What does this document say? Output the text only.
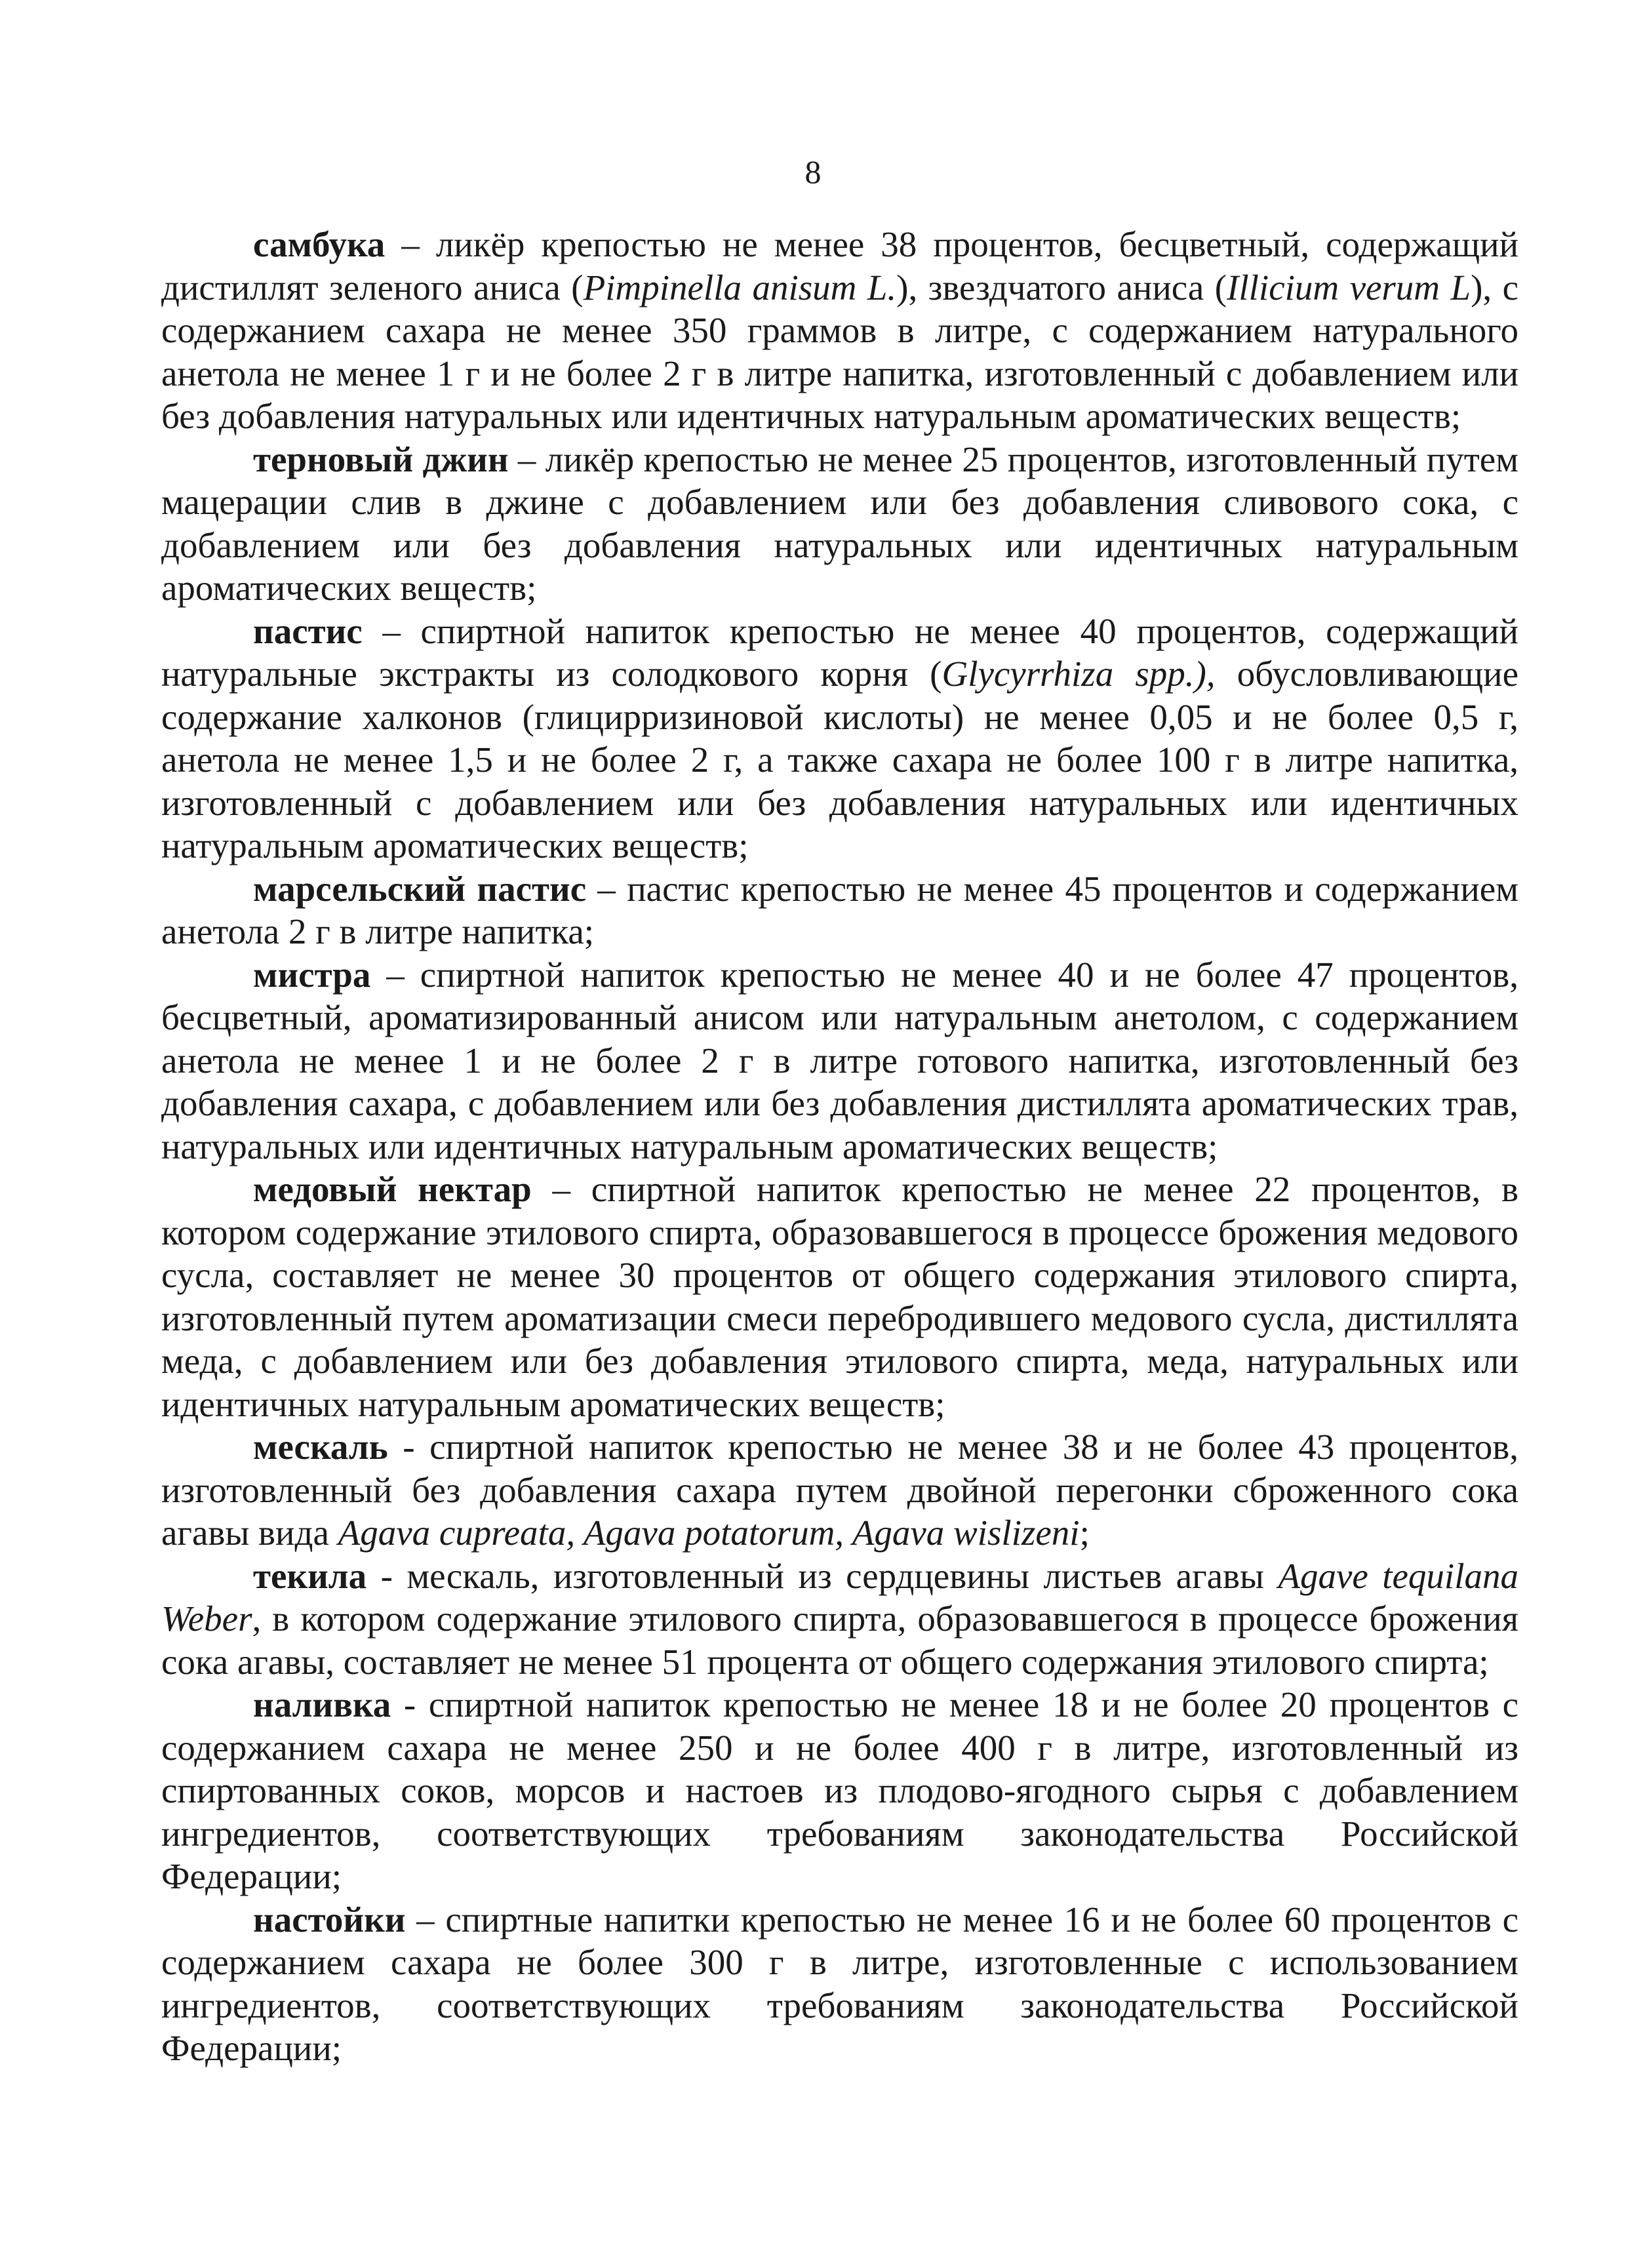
8

самбука – ликёр крепостью не менее 38 процентов, бесцветный, содержащий дистиллят зеленого аниса (Pimpinella anisum L.), звездчатого аниса (Illicium verum L), с содержанием сахара не менее 350 граммов в литре, с содержанием натурального анетола не менее 1 г и не более 2 г в литре напитка, изготовленный с добавлением или без добавления натуральных или идентичных натуральным ароматических веществ;

терновый джин – ликёр крепостью не менее 25 процентов, изготовленный путем мацерации слив в джине с добавлением или без добавления сливового сока, с добавлением или без добавления натуральных или идентичных натуральным ароматических веществ;

пастис – спиртной напиток крепостью не менее 40 процентов, содержащий натуральные экстракты из солодкового корня (Glycyrrhiza spp.), обусловливающие содержание халконов (глицирризиновой кислоты) не менее 0,05 и не более 0,5 г, анетола не менее 1,5 и не более 2 г, а также сахара не более 100 г в литре напитка, изготовленный с добавлением или без добавления натуральных или идентичных натуральным ароматических веществ;

марсельский пастис – пастис крепостью не менее 45 процентов и содержанием анетола 2 г в литре напитка;

мистра – спиртной напиток крепостью не менее 40 и не более 47 процентов, бесцветный, ароматизированный анисом или натуральным анетолом, с содержанием анетола не менее 1 и не более 2 г в литре готового напитка, изготовленный без добавления сахара, с добавлением или без добавления дистиллята ароматических трав, натуральных или идентичных натуральным ароматических веществ;

медовый нектар – спиртной напиток крепостью не менее 22 процентов, в котором содержание этилового спирта, образовавшегося в процессе брожения медового сусла, составляет не менее 30 процентов от общего содержания этилового спирта, изготовленный путем ароматизации смеси перебродившего медового сусла, дистиллята меда, с добавлением или без добавления этилового спирта, меда, натуральных или идентичных натуральным ароматических веществ;

мескаль - спиртной напиток крепостью не менее 38 и не более 43 процентов, изготовленный без добавления сахара путем двойной перегонки сброженного сока агавы вида Agava cupreata, Agava potatorum, Agava wislizeni;

текила - мескаль, изготовленный из сердцевины листьев агавы Agave tequilana Weber, в котором содержание этилового спирта, образовавшегося в процессе брожения сока агавы, составляет не менее 51 процента от общего содержания этилового спирта;

наливка - спиртной напиток крепостью не менее 18 и не более 20 процентов с содержанием сахара не менее 250 и не более 400 г в литре, изготовленный из спиртованных соков, морсов и настоев из плодово-ягодного сырья с добавлением ингредиентов, соответствующих требованиям законодательства Российской Федерации;

настойки – спиртные напитки крепостью не менее 16 и не более 60 процентов с содержанием сахара не более 300 г в литре, изготовленные с использованием ингредиентов, соответствующих требованиям законодательства Российской Федерации;
